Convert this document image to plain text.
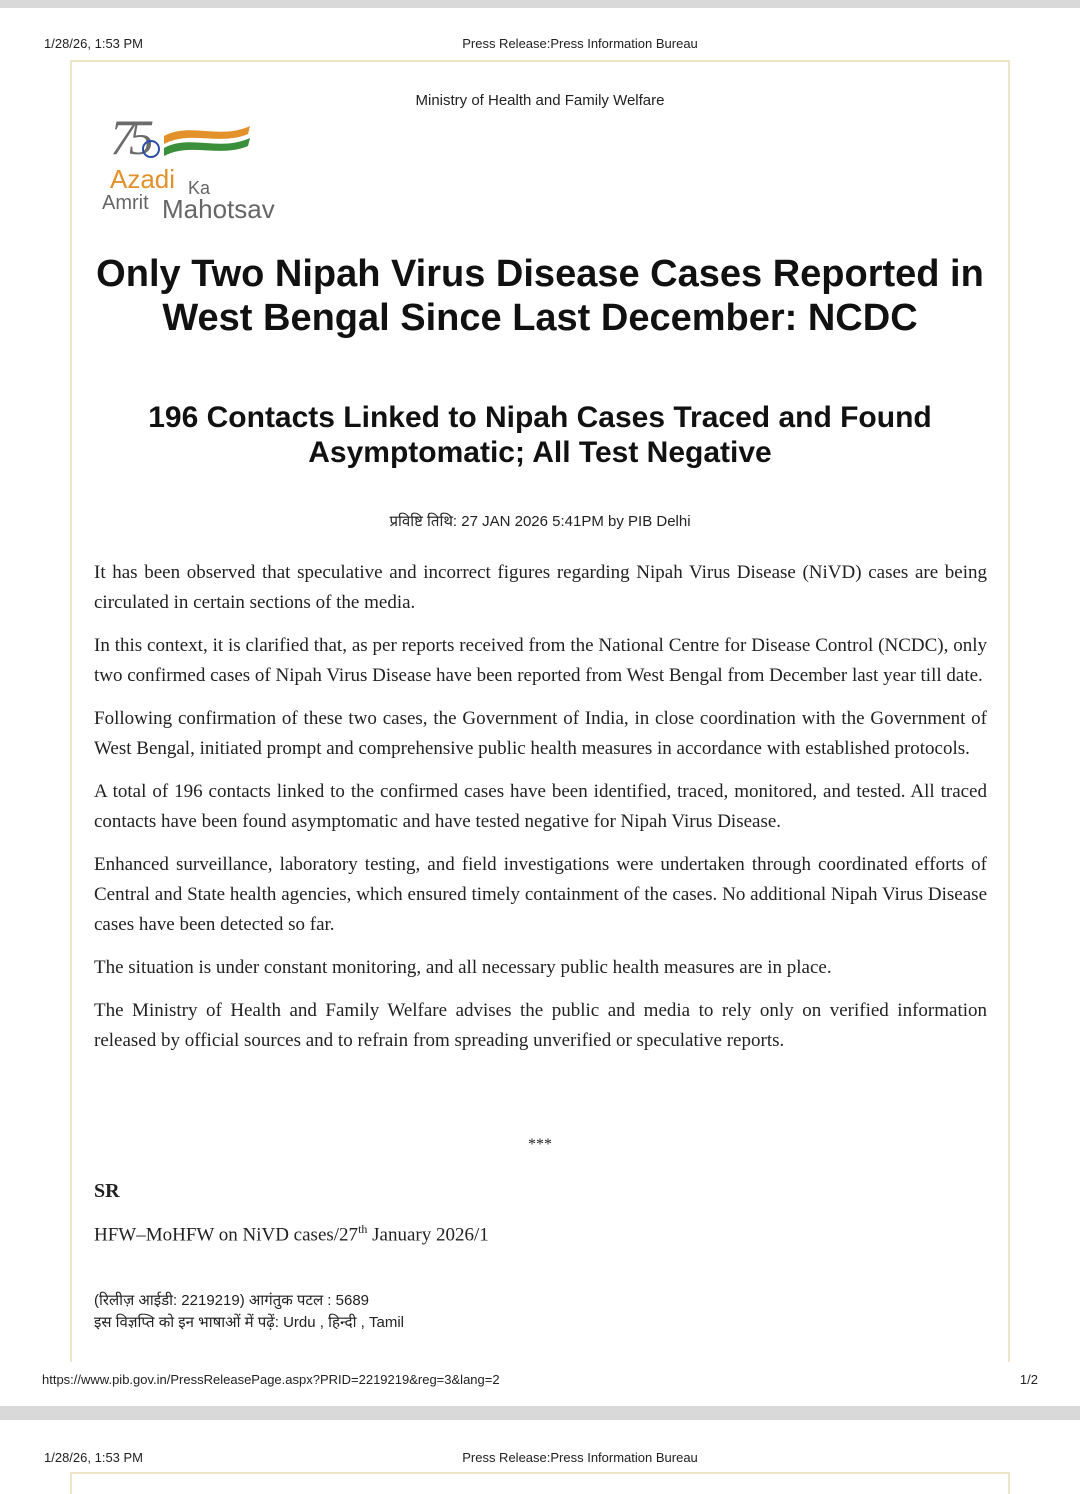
1/28/26, 1:53 PM	Press Release:Press Information Bureau
Ministry of Health and Family Welfare
75
Azadi Ka
Amrit Mahotsav
Only Two Nipah Virus Disease Cases Reported in West Bengal Since Last December: NCDC
196 Contacts Linked to Nipah Cases Traced and Found Asymptomatic; All Test Negative
प्रविष्टि तिथि: 27 JAN 2026 5:41PM by PIB Delhi

It has been observed that speculative and incorrect figures regarding Nipah Virus Disease (NiVD) cases are being circulated in certain sections of the media.

In this context, it is clarified that, as per reports received from the National Centre for Disease Control (NCDC), only two confirmed cases of Nipah Virus Disease have been reported from West Bengal from December last year till date.

Following confirmation of these two cases, the Government of India, in close coordination with the Government of West Bengal, initiated prompt and comprehensive public health measures in accordance with established protocols.

A total of 196 contacts linked to the confirmed cases have been identified, traced, monitored, and tested. All traced contacts have been found asymptomatic and have tested negative for Nipah Virus Disease.

Enhanced surveillance, laboratory testing, and field investigations were undertaken through coordinated efforts of Central and State health agencies, which ensured timely containment of the cases. No additional Nipah Virus Disease cases have been detected so far.

The situation is under constant monitoring, and all necessary public health measures are in place.

The Ministry of Health and Family Welfare advises the public and media to rely only on verified information released by official sources and to refrain from spreading unverified or speculative reports.

***
SR
HFW–MoHFW on NiVD cases/27th January 2026/1
(रिलीज़ आईडी: 2219219) आगंतुक पटल : 5689
इस विज्ञप्ति को इन भाषाओं में पढ़ें: Urdu , हिन्दी , Tamil
https://www.pib.gov.in/PressReleasePage.aspx?PRID=2219219&reg=3&lang=2	1/2
1/28/26, 1:53 PM	Press Release:Press Information Bureau
